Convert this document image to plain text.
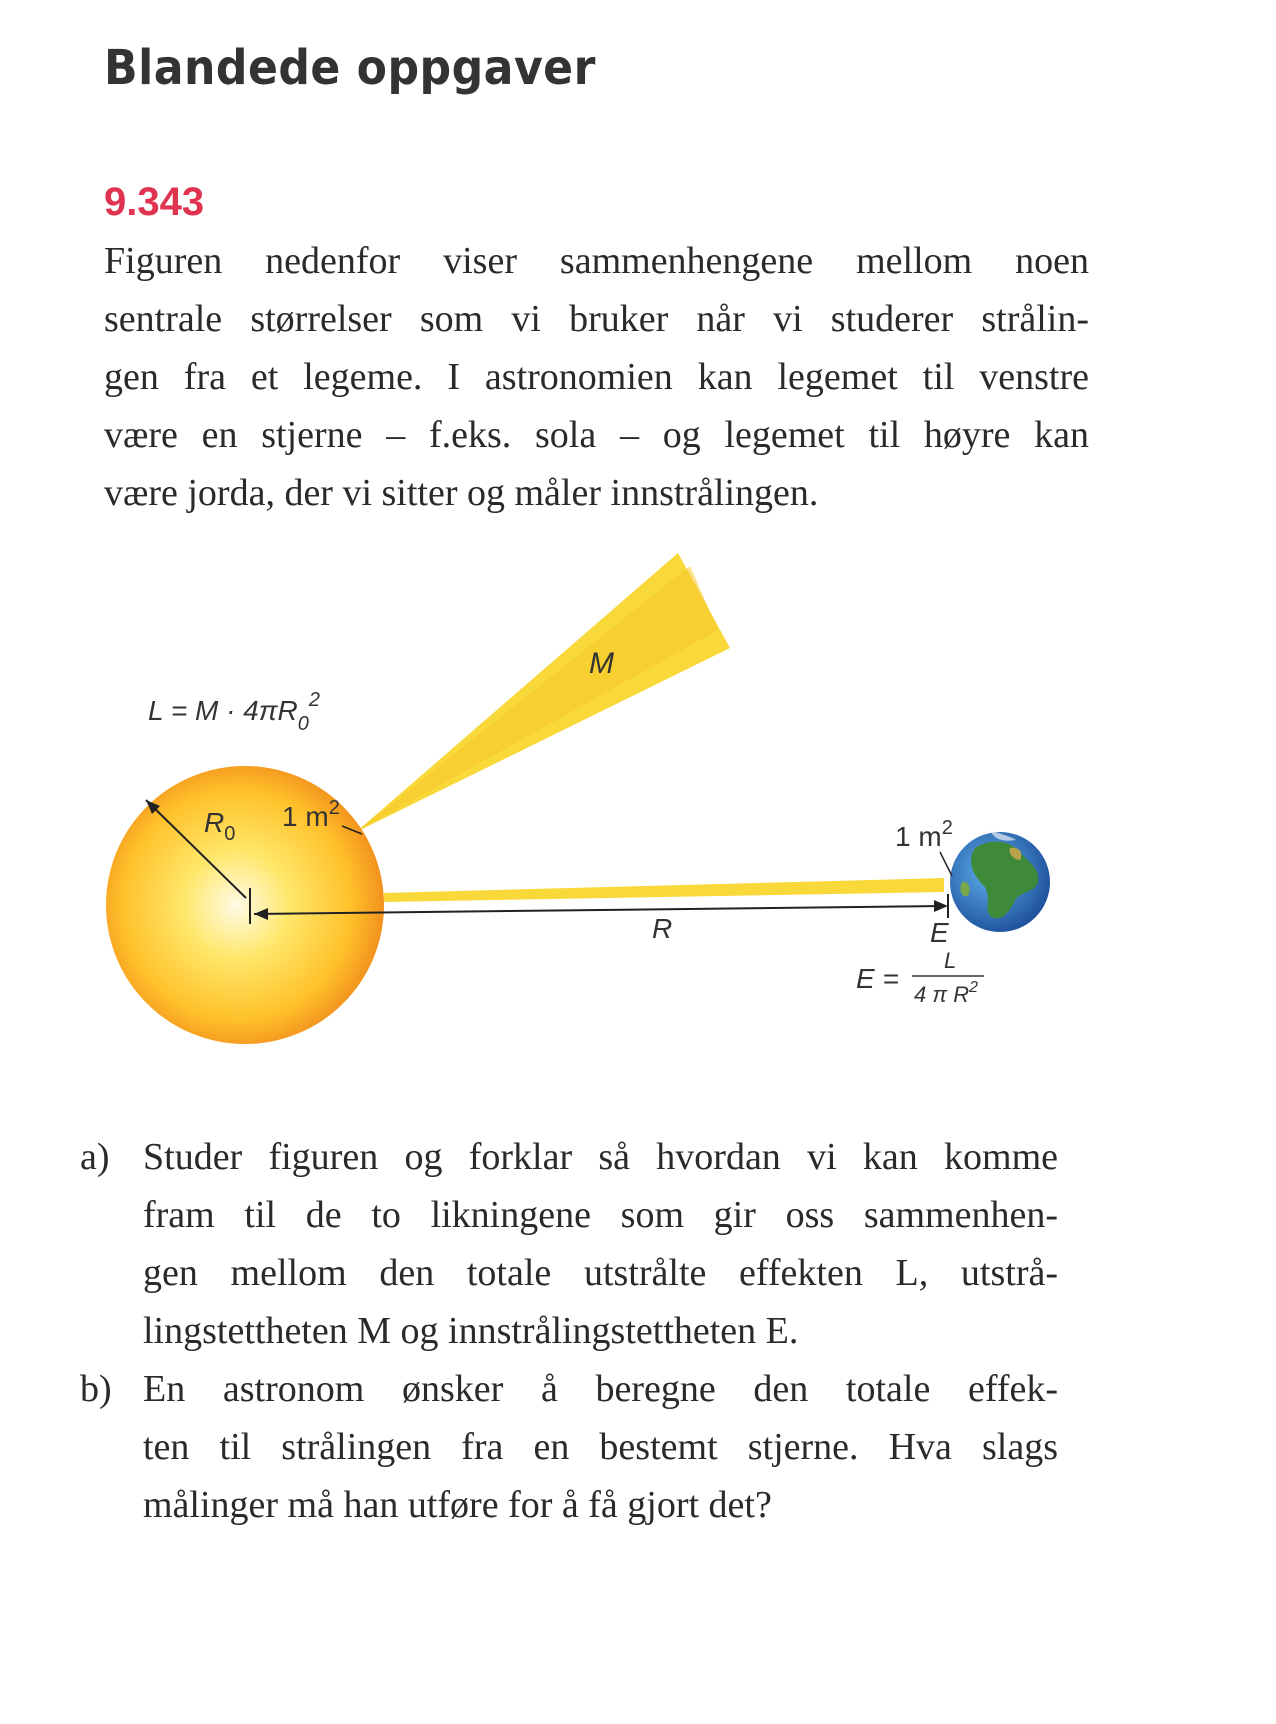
Blandede oppgaver
9.343
Figuren nedenfor viser sammenhengene mellom noen
sentrale størrelser som vi bruker når vi studerer strålin-
gen fra et legeme. I astronomien kan legemet til venstre
være en stjerne – f.eks. sola – og legemet til høyre kan
være jorda, der vi sitter og måler innstrålingen.
$L = M \cdot 4\pi R_0^2$
M
$R_0$
1 $m^2$
1 $m^2$
R	E
E =
L
4 π $R^2$
a) Studer figuren og forklar så hvordan vi kan komme
fram til de to likningene som gir oss sammenhen-
gen mellom den totale utstrålte effekten L, utstrå-
lingstettheten M og innstrålingstettheten E.
b) En astronom ønsker å beregne den totale effek-
ten til strålingen fra en bestemt stjerne. Hva slags
målinger må han utføre for å få gjort det?
